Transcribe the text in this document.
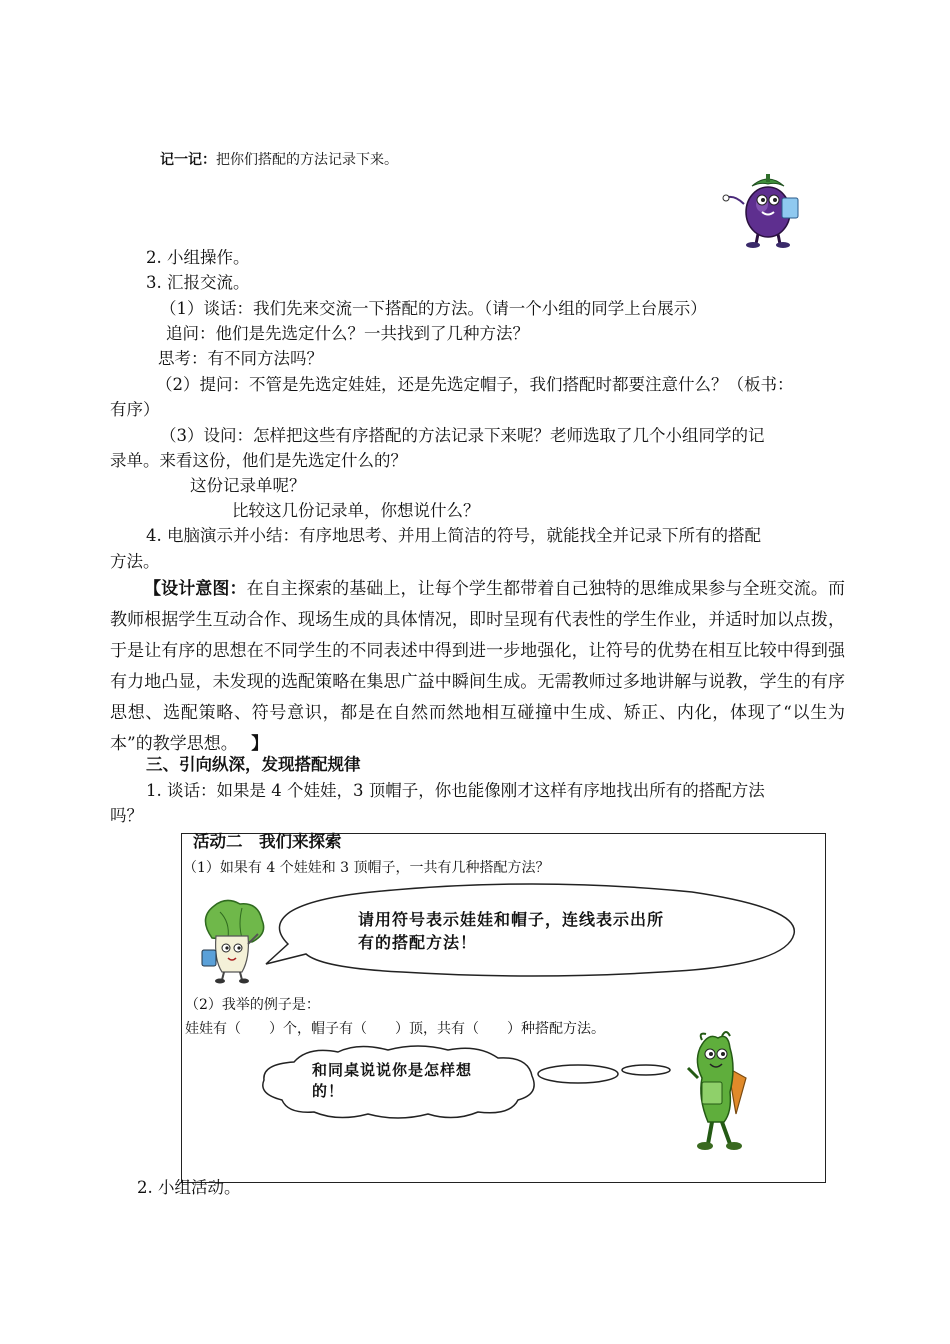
记一记：把你们搭配的方法记录下来。
2. 小组操作。
3. 汇报交流。
（1）谈话：我们先来交流一下搭配的方法。（请一个小组的同学上台展示）
追问：他们是先选定什么？一共找到了几种方法？
思考：有不同方法吗？
（2）提问：不管是先选定娃娃，还是先选定帽子，我们搭配时都要注意什么？（板书：
有序）
（3）设问：怎样把这些有序搭配的方法记录下来呢？老师选取了几个小组同学的记
录单。来看这份，他们是先选定什么的？
这份记录单呢？
比较这几份记录单，你想说什么？
4. 电脑演示并小结：有序地思考、并用上简洁的符号，就能找全并记录下所有的搭配
方法。
【设计意图：在自主探索的基础上，让每个学生都带着自己独特的思维成果参与全班交流。而教师根据学生互动合作、现场生成的具体情况，即时呈现有代表性的学生作业，并适时加以点拨，于是让有序的思想在不同学生的不同表述中得到进一步地强化，让符号的优势在相互比较中得到强有力地凸显，未发现的选配策略在集思广益中瞬间生成。无需教师过多地讲解与说教，学生的有序思想、选配策略、符号意识，都是在自然而然地相互碰撞中生成、矫正、内化，体现了“以生为本”的教学思想。 】
三、引向纵深，发现搭配规律
1. 谈话：如果是 4 个娃娃，3 顶帽子，你也能像刚才这样有序地找出所有的搭配方法
吗？
活动二　我们来探索
（1）如果有 4 个娃娃和 3 顶帽子，一共有几种搭配方法？
请用符号表示娃娃和帽子，连线表示出所
有的搭配方法！
（2）我举的例子是：
娃娃有（　　）个，帽子有（　　）顶，共有（　　）种搭配方法。
和同桌说说你是怎样想
的！
2. 小组活动。
